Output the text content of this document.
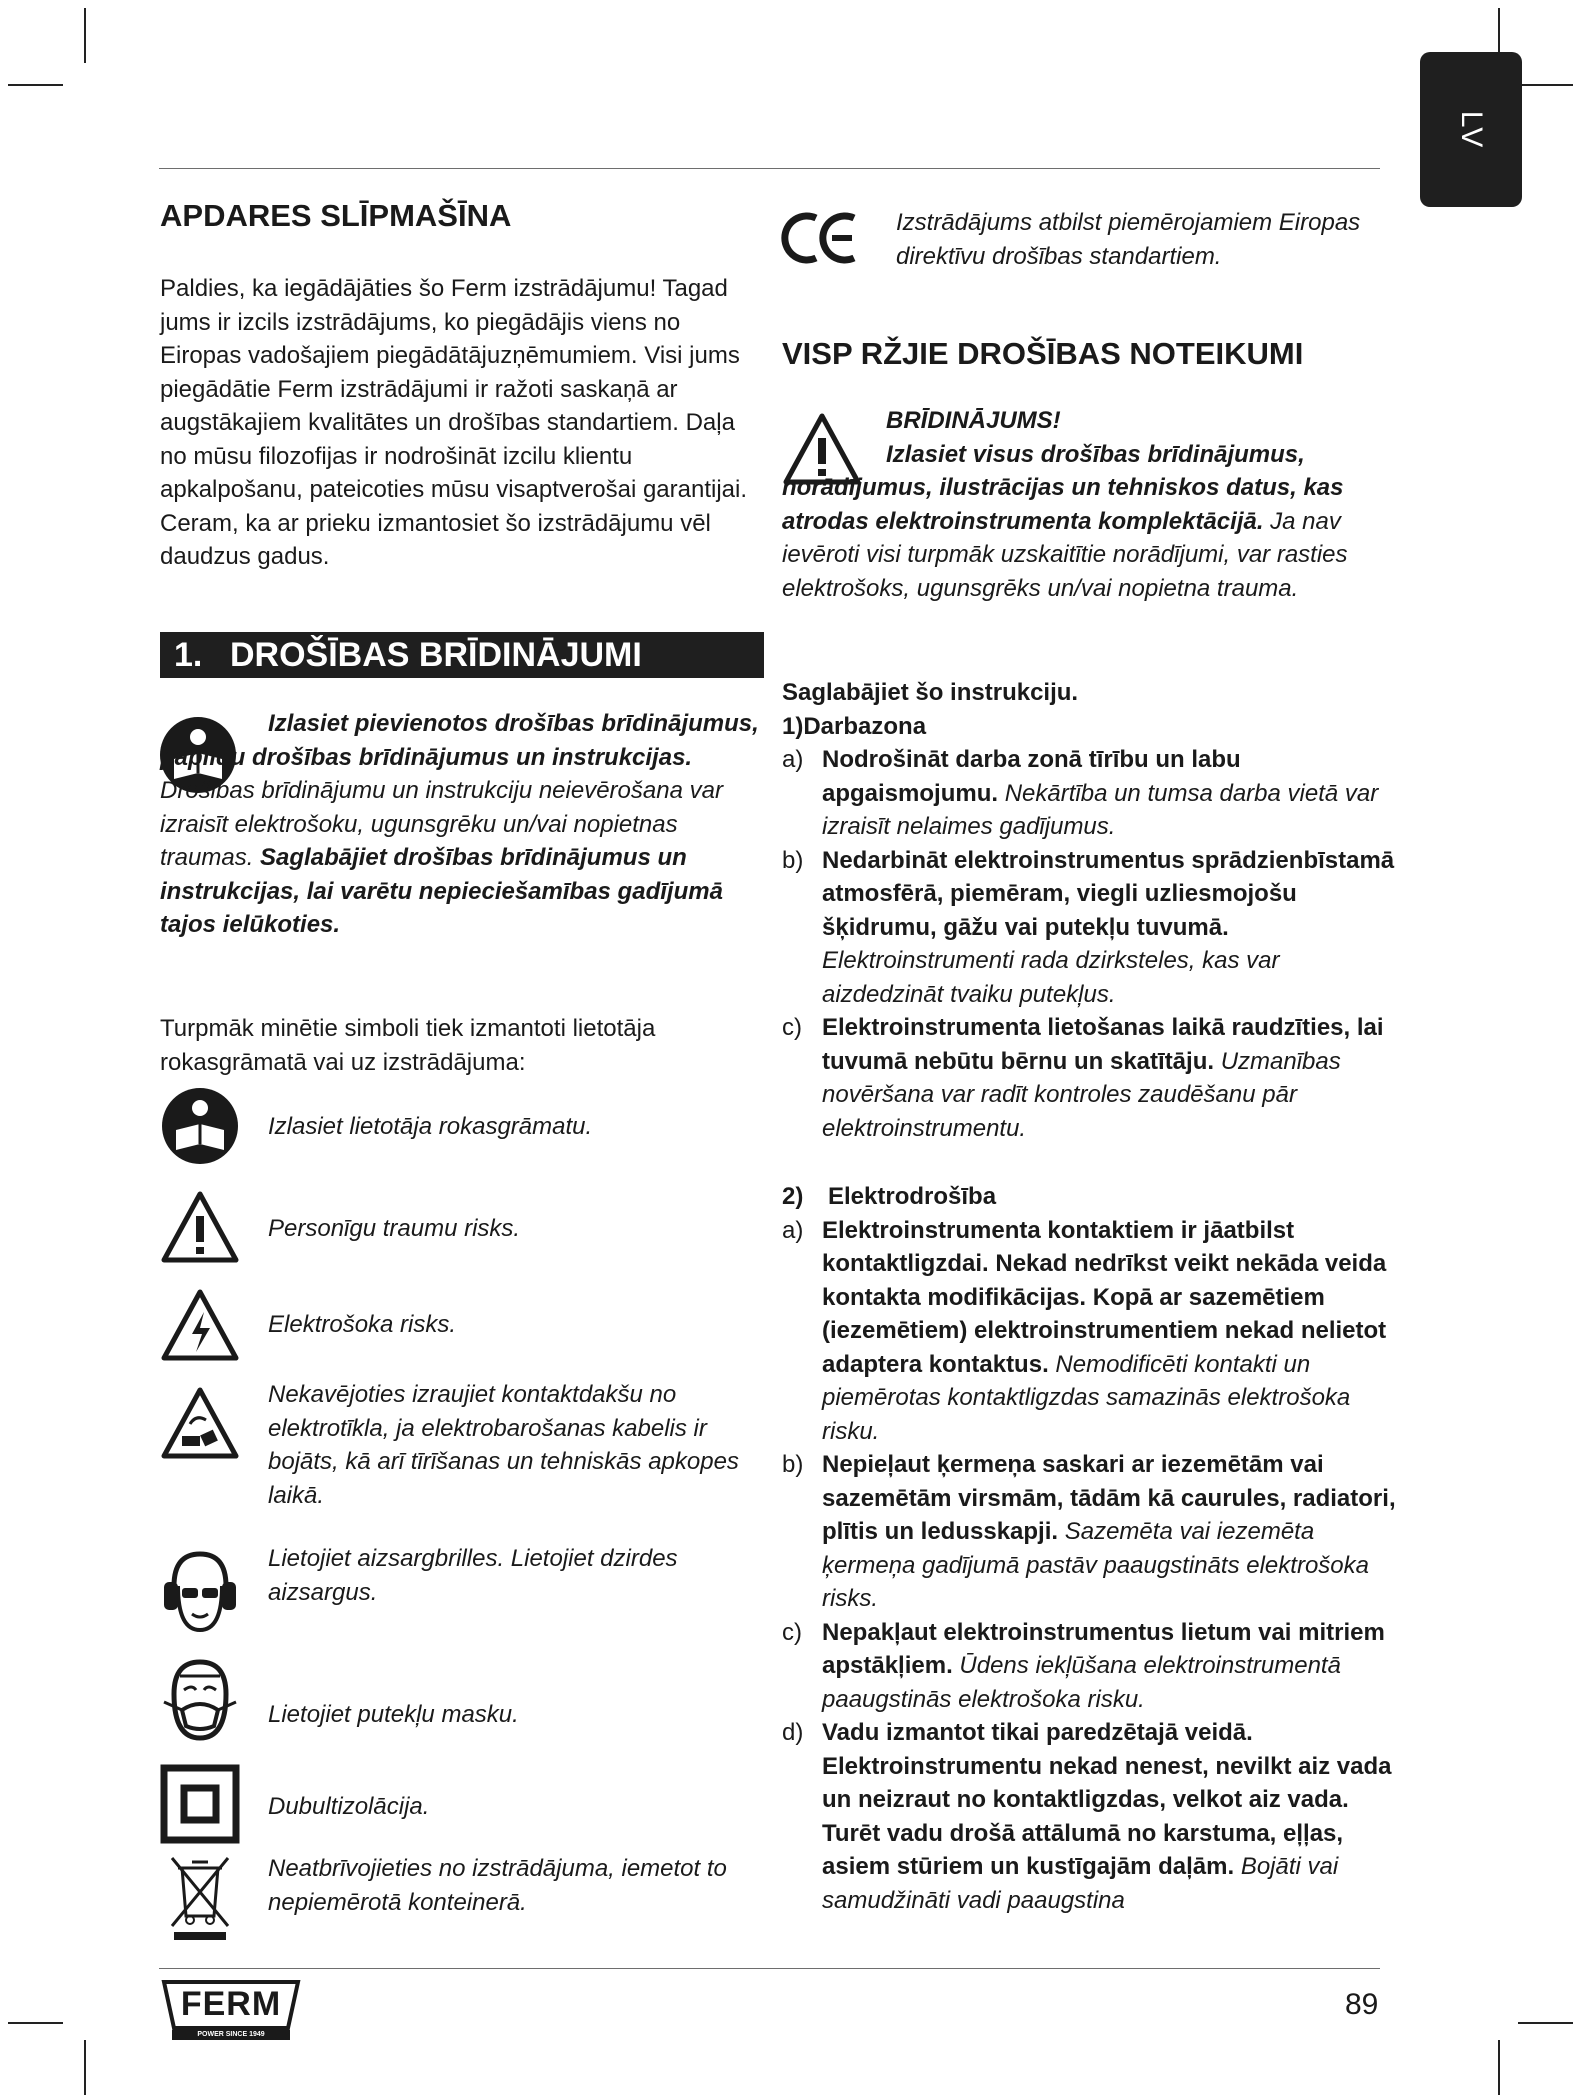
LV

APDARES SLĪPMAŠĪNA

Paldies, ka iegādājāties šo Ferm izstrādājumu! Tagad jums ir izcils izstrādājums, ko piegādājis viens no Eiropas vadošajiem piegādātājuzņēmumiem. Visi jums piegādātie Ferm izstrādājumi ir ražoti saskaņā ar augstākajiem kvalitātes un drošības standartiem. Daļa no mūsu filozofijas ir nodrošināt izcilu klientu apkalpošanu, pateicoties mūsu visaptverošai garantijai. Ceram, ka ar prieku izmantosiet šo izstrādājumu vēl daudzus gadus.

1. DROŠĪBAS BRĪDINĀJUMI

Izlasiet pievienotos drošības brīdinājumus, papildu drošības brīdinājumus un instrukcijas. Drošības brīdinājumu un instrukciju neievērošana var izraisīt elektrošoku, ugunsgrēku un/vai nopietnas traumas. Saglabājiet drošības brīdinājumus un instrukcijas, lai varētu nepieciešamības gadījumā tajos ielūkoties.

Turpmāk minētie simboli tiek izmantoti lietotāja rokasgrāmatā vai uz izstrādājuma:

Izlasiet lietotāja rokasgrāmatu.
Personīgu traumu risks.
Elektrošoka risks.
Nekavējoties izraujiet kontaktdakšu no elektrotīkla, ja elektrobarošanas kabelis ir bojāts, kā arī tīrīšanas un tehniskās apkopes laikā.
Lietojiet aizsargbrilles. Lietojiet dzirdes aizsargus.
Lietojiet putekļu masku.
Dubultizolācija.
Neatbrīvojieties no izstrādājuma, iemetot to nepiemērotā konteinerā.

Izstrādājums atbilst piemērojamiem Eiropas direktīvu drošības standartiem.

VISP RŽJIE DROŠĪBAS NOTEIKUMI

BRĪDINĀJUMS!

Izlasiet visus drošības brīdinājumus, norādījumus, ilustrācijas un tehniskos datus, kas atrodas elektroinstrumenta komplektācijā. Ja nav ievēroti visi turpmāk uzskaitītie norādījumi, var rasties elektrošoks, ugunsgrēks un/vai nopietna trauma.

Saglabājiet šo instrukciju.

1)Darbazona

a) Nodrošināt darba zonā tīrību un labu apgaismojumu. Nekārtība un tumsa darba vietā var izraisīt nelaimes gadījumus.
b) Nedarbināt elektroinstrumentus sprādzienbīstamā atmosfērā, piemēram, viegli uzliesmojošu šķidrumu, gāžu vai putekļu tuvumā. Elektroinstrumenti rada dzirksteles, kas var aizdedzināt tvaiku putekļus.
c) Elektroinstrumenta lietošanas laikā raudzīties, lai tuvumā nebūtu bērnu un skatītāju. Uzmanības novēršana var radīt kontroles zaudēšanu pār elektroinstrumentu.

2) Elektrodrošība

a) Elektroinstrumenta kontaktiem ir jāatbilst kontaktligzdai. Nekad nedrīkst veikt nekāda veida kontakta modifikācijas. Kopā ar sazemētiem (iezemētiem) elektroinstrumentiem nekad nelietot adaptera kontaktus. Nemodificēti kontakti un piemērotas kontaktligzdas samazinās elektrošoka risku.
b) Nepieļaut ķermeņa saskari ar iezemētām vai sazemētām virsmām, tādām kā caurules, radiatori, plītis un ledusskapji. Sazemēta vai iezemēta ķermeņa gadījumā pastāv paaugstināts elektrošoka risks.
c) Nepakļaut elektroinstrumentus lietum vai mitriem apstākļiem. Ūdens iekļūšana elektroinstrumentā paaugstinās elektrošoka risku.
d) Vadu izmantot tikai paredzētajā veidā. Elektroinstrumentu nekad nenest, nevilkt aiz vada un neizraut no kontaktligzdas, velkot aiz vada. Turēt vadu drošā attālumā no karstuma, eļļas, asiem stūriem un kustīgajām daļām. Bojāti vai samudžināti vadi paaugstina
FERM
POWER SINCE 1949
89
